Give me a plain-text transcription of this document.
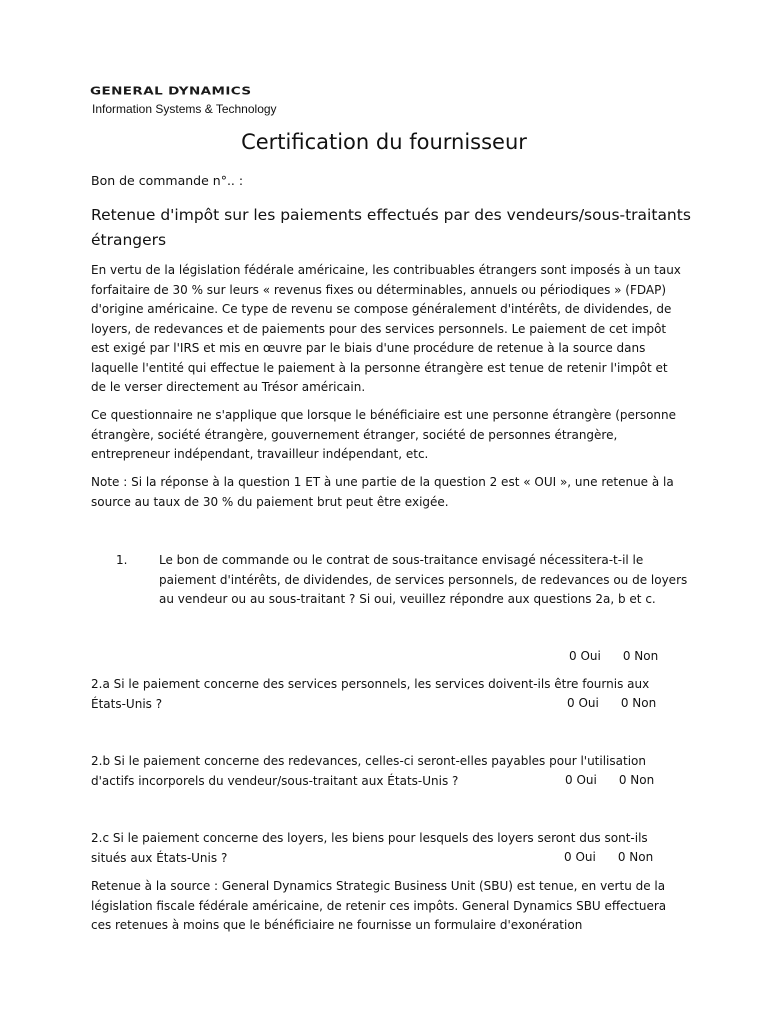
GENERAL DYNAMICS
Information Systems & Technology
Certification du fournisseur
Bon de commande n°.. :
Retenue d'impôt sur les paiements effectués par des vendeurs/sous-traitants étrangers

En vertu de la législation fédérale américaine, les contribuables étrangers sont imposés à un taux forfaitaire de 30 % sur leurs « revenus fixes ou déterminables, annuels ou périodiques » (FDAP) d'origine américaine. Ce type de revenu se compose généralement d'intérêts, de dividendes, de loyers, de redevances et de paiements pour des services personnels. Le paiement de cet impôt est exigé par l'IRS et mis en œuvre par le biais d'une procédure de retenue à la source dans laquelle l'entité qui effectue le paiement à la personne étrangère est tenue de retenir l'impôt et de le verser directement au Trésor américain.

Ce questionnaire ne s'applique que lorsque le bénéficiaire est une personne étrangère (personne étrangère, société étrangère, gouvernement étranger, société de personnes étrangère, entrepreneur indépendant, travailleur indépendant, etc.

Note : Si la réponse à la question 1 ET à une partie de la question 2 est « OUI », une retenue à la source au taux de 30 % du paiement brut peut être exigée.

1.	Le bon de commande ou le contrat de sous-traitance envisagé nécessitera-t-il le paiement d'intérêts, de dividendes, de services personnels, de redevances ou de loyers au vendeur ou au sous-traitant ? Si oui, veuillez répondre aux questions 2a, b et c.
0 Oui 0 Non
2.a Si le paiement concerne des services personnels, les services doivent-ils être fournis aux États-Unis ?	0 Oui 0 Non
2.b Si le paiement concerne des redevances, celles-ci seront-elles payables pour l'utilisation d'actifs incorporels du vendeur/sous-traitant aux États-Unis ?	0 Oui 0 Non
2.c Si le paiement concerne des loyers, les biens pour lesquels des loyers seront dus sont-ils situés aux États-Unis ?	0 Oui 0 Non

Retenue à la source : General Dynamics Strategic Business Unit (SBU) est tenue, en vertu de la législation fiscale fédérale américaine, de retenir ces impôts. General Dynamics SBU effectuera ces retenues à moins que le bénéficiaire ne fournisse un formulaire d'exonération
